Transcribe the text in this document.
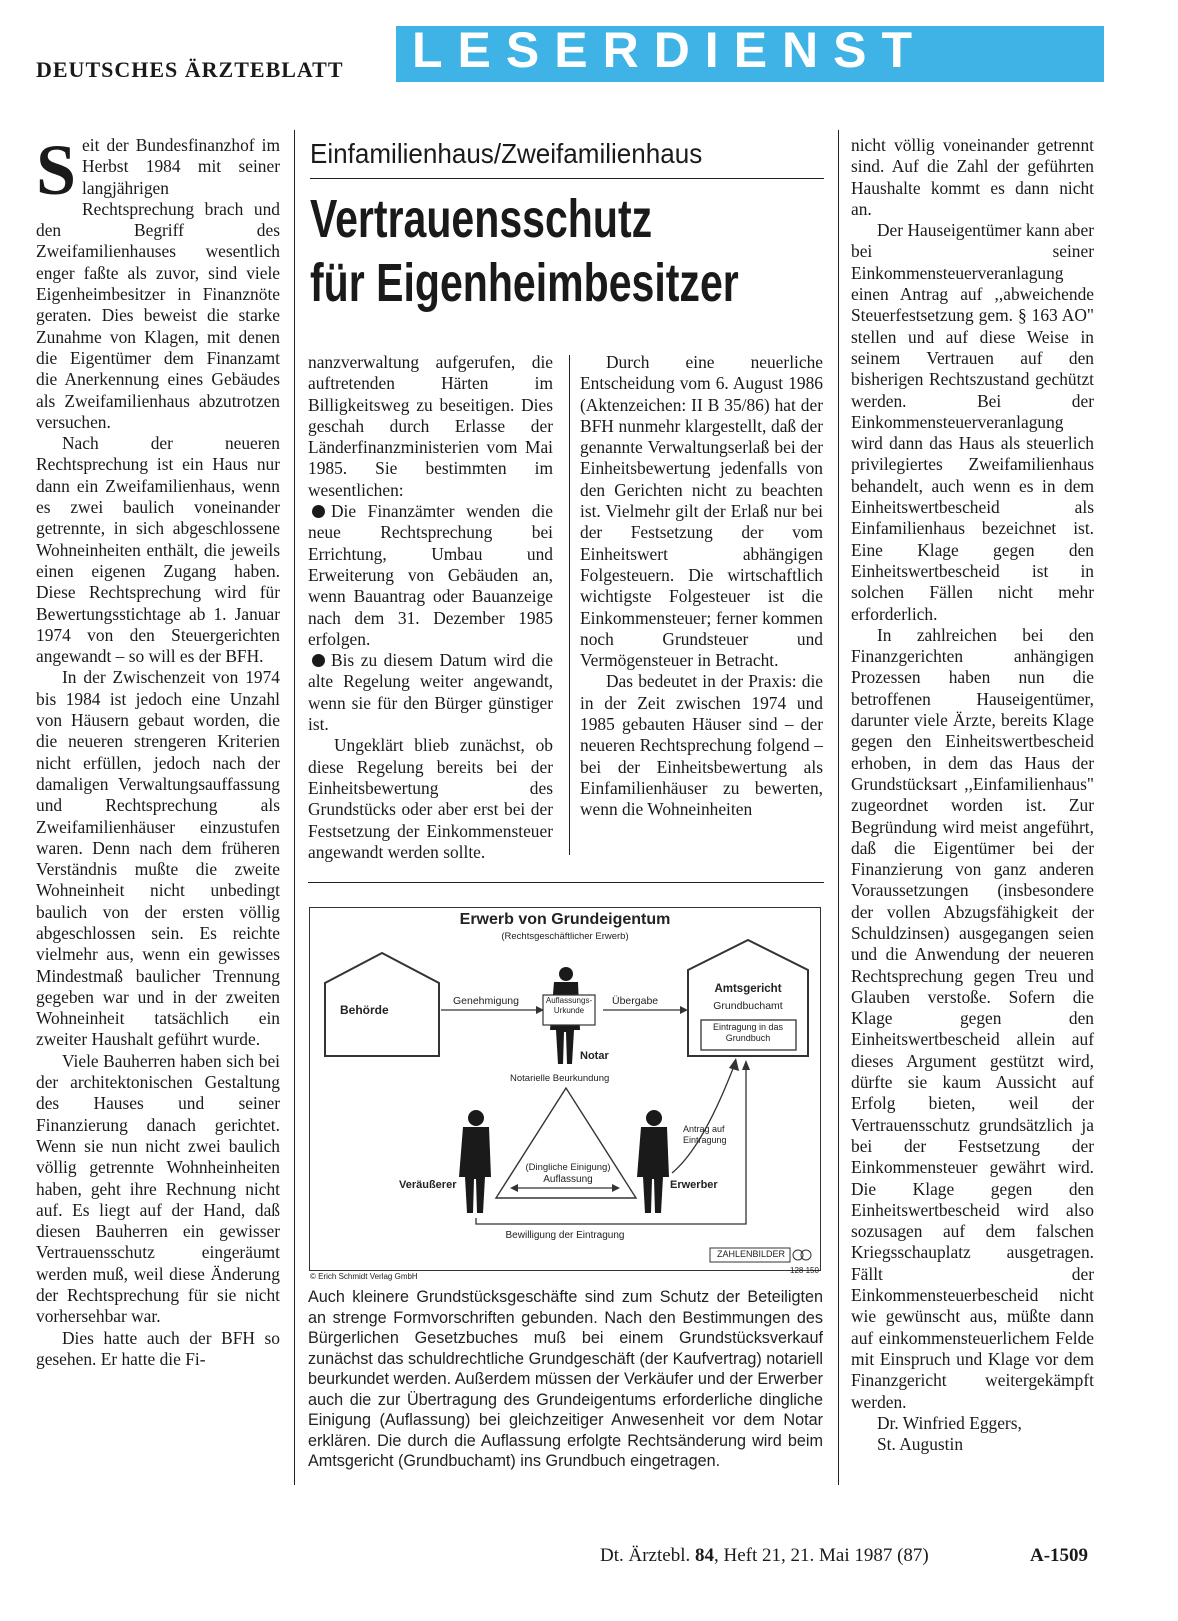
DEUTSCHES ÄRZTEBLATT LESERDIENST
S eit der Bundesfinanzhof im Herbst 1984 mit seiner langjährigen Rechtsprechung brach und den Begriff des Zweifamilienhauses wesentlich enger faßte als zuvor, sind viele Eigenheimbesitzer in Finanznöte geraten. Dies beweist die starke Zunahme von Klagen, mit denen die Eigentümer dem Finanzamt die Anerkennung eines Gebäudes als Zweifamilienhaus abzutrotzen versuchen.

Nach der neueren Rechtsprechung ist ein Haus nur dann ein Zweifamilienhaus, wenn es zwei baulich voneinander getrennte, in sich abgeschlossene Wohneinheiten enthält, die jeweils einen eigenen Zugang haben. Diese Rechtsprechung wird für Bewertungsstichtage ab 1. Januar 1974 von den Steuergerichten angewandt – so will es der BFH.

In der Zwischenzeit von 1974 bis 1984 ist jedoch eine Unzahl von Häusern gebaut worden, die die neueren strengeren Kriterien nicht erfüllen, jedoch nach der damaligen Verwaltungsauffassung und Rechtsprechung als Zweifamilienhäuser einzustufen waren. Denn nach dem früheren Verständnis mußte die zweite Wohneinheit nicht unbedingt baulich von der ersten völlig abgeschlossen sein. Es reichte vielmehr aus, wenn ein gewisses Mindestmaß baulicher Trennung gegeben war und in der zweiten Wohneinheit tatsächlich ein zweiter Haushalt geführt wurde.

Viele Bauherren haben sich bei der architektonischen Gestaltung des Hauses und seiner Finanzierung danach gerichtet. Wenn sie nun nicht zwei baulich völlig getrennte Wohnheinheiten haben, geht ihre Rechnung nicht auf. Es liegt auf der Hand, daß diesen Bauherren ein gewisser Vertrauensschutz eingeräumt werden muß, weil diese Änderung der Rechtsprechung für sie nicht vorhersehbar war.

Dies hatte auch der BFH so gesehen. Er hatte die Fi-

Einfamilienhaus/Zweifamilienhaus
Vertrauensschutz
für Eigenheimbesitzer

nanzverwaltung aufgerufen, die auftretenden Härten im Billigkeitsweg zu beseitigen. Dies geschah durch Erlasse der Länderfinanzministerien vom Mai 1985. Sie bestimmten im wesentlichen:

Die Finanzämter wenden die neue Rechtsprechung bei Errichtung, Umbau und Erweiterung von Gebäuden an, wenn Bauantrag oder Bauanzeige nach dem 31. Dezember 1985 erfolgen.

Bis zu diesem Datum wird die alte Regelung weiter angewandt, wenn sie für den Bürger günstiger ist.

Ungeklärt blieb zunächst, ob diese Regelung bereits bei der Einheitsbewertung des Grundstücks oder aber erst bei der Festsetzung der Einkommensteuer angewandt werden sollte.

Durch eine neuerliche Entscheidung vom 6. August 1986 (Aktenzeichen: II B 35/86) hat der BFH nunmehr klargestellt, daß der genannte Verwaltungserlaß bei der Einheitsbewertung jedenfalls von den Gerichten nicht zu beachten ist. Vielmehr gilt der Erlaß nur bei der Festsetzung der vom Einheitswert abhängigen Folgesteuern. Die wirtschaftlich wichtigste Folgesteuer ist die Einkommensteuer; ferner kommen noch Grundsteuer und Vermögensteuer in Betracht.

Das bedeutet in der Praxis: die in der Zeit zwischen 1974 und 1985 gebauten Häuser sind – der neueren Rechtsprechung folgend – bei der Einheitsbewertung als Einfamilienhäuser zu bewerten, wenn die Wohneinheiten

Erwerb von Grundeigentum
(Rechtsgeschäftlicher Erwerb)
Behörde
Genehmigung	Auflassungs-Urkunde
Übergabe
Amtsgericht
Grundbuchamt
Eintragung in das Grundbuch
Notar
Notarielle Beurkundung
Antrag auf Eintragung
(Dingliche Einigung)
Auflassung
Veräußerer	Erwerber
Bewilligung der Eintragung
ZAHLENBILDER
128 150
© Erich Schmidt Verlag GmbH
Auch kleinere Grundstücksgeschäfte sind zum Schutz der Beteiligten an strenge Formvorschriften gebunden. Nach den Bestimmungen des Bürgerlichen Gesetzbuches muß bei einem Grundstücksverkauf zunächst das schuldrechtliche Grundgeschäft (der Kaufvertrag) notariell beurkundet werden. Außerdem müssen der Verkäufer und der Erwerber auch die zur Übertragung des Grundeigentums erforderliche dingliche Einigung (Auflassung) bei gleichzeitiger Anwesenheit vor dem Notar erklären. Die durch die Auflassung erfolgte Rechtsänderung wird beim Amtsgericht (Grundbuchamt) ins Grundbuch eingetragen.

nicht völlig voneinander getrennt sind. Auf die Zahl der geführten Haushalte kommt es dann nicht an.

Der Hauseigentümer kann aber bei seiner Einkommensteuerveranlagung einen Antrag auf ,,abweichende Steuerfestsetzung gem. § 163 AO" stellen und auf diese Weise in seinem Vertrauen auf den bisherigen Rechtszustand gechützt werden. Bei der Einkommensteuerveranlagung wird dann das Haus als steuerlich privilegiertes Zweifamilienhaus behandelt, auch wenn es in dem Einheitswertbescheid als Einfamilienhaus bezeichnet ist. Eine Klage gegen den Einheitswertbescheid ist in solchen Fällen nicht mehr erforderlich.

In zahlreichen bei den Finanzgerichten anhängigen Prozessen haben nun die betroffenen Hauseigentümer, darunter viele Ärzte, bereits Klage gegen den Einheitswertbescheid erhoben, in dem das Haus der Grundstücksart ,,Einfamilienhaus" zugeordnet worden ist. Zur Begründung wird meist angeführt, daß die Eigentümer bei der Finanzierung von ganz anderen Voraussetzungen (insbesondere der vollen Abzugsfähigkeit der Schuldzinsen) ausgegangen seien und die Anwendung der neueren Rechtsprechung gegen Treu und Glauben verstoße. Sofern die Klage gegen den Einheitswertbescheid allein auf dieses Argument gestützt wird, dürfte sie kaum Aussicht auf Erfolg bieten, weil der Vertrauensschutz grundsätzlich ja bei der Festsetzung der Einkommensteuer gewährt wird. Die Klage gegen den Einheitswertbescheid wird also sozusagen auf dem falschen Kriegsschauplatz ausgetragen. Fällt der Einkommensteuerbescheid nicht wie gewünscht aus, müßte dann auf einkommensteuerlichem Felde mit Einspruch und Klage vor dem Finanzgericht weitergekämpft werden.

Dr. Winfried Eggers,

St. Augustin

Dt. Ärztebl. 84, Heft 21, 21. Mai 1987 (87)	A-1509
